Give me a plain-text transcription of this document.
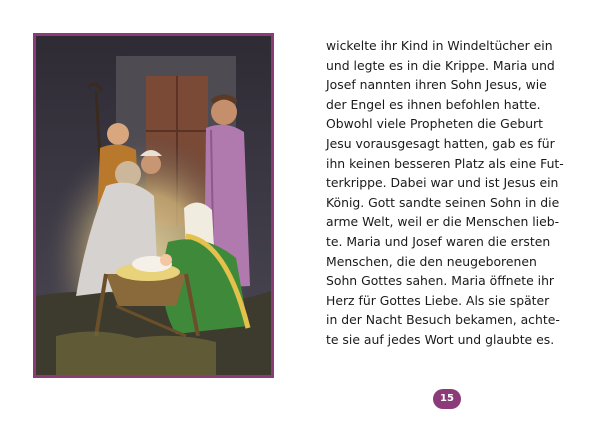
wickelte ihr Kind in Windeltücher ein
und legte es in die Krippe. Maria und
Josef nannten ihren Sohn Jesus, wie
der Engel es ihnen befohlen hatte.
Obwohl viele Propheten die Geburt
Jesu vorausgesagt hatten, gab es für
ihn keinen besseren Platz als eine Fut-
terkrippe. Dabei war und ist Jesus ein
König. Gott sandte seinen Sohn in die
arme Welt, weil er die Menschen lieb-
te. Maria und Josef waren die ersten
Menschen, die den neugeborenen
Sohn Gottes sahen. Maria öffnete ihr
Herz für Gottes Liebe. Als sie später
in der Nacht Besuch bekamen, achte-
te sie auf jedes Wort und glaubte es.
15
